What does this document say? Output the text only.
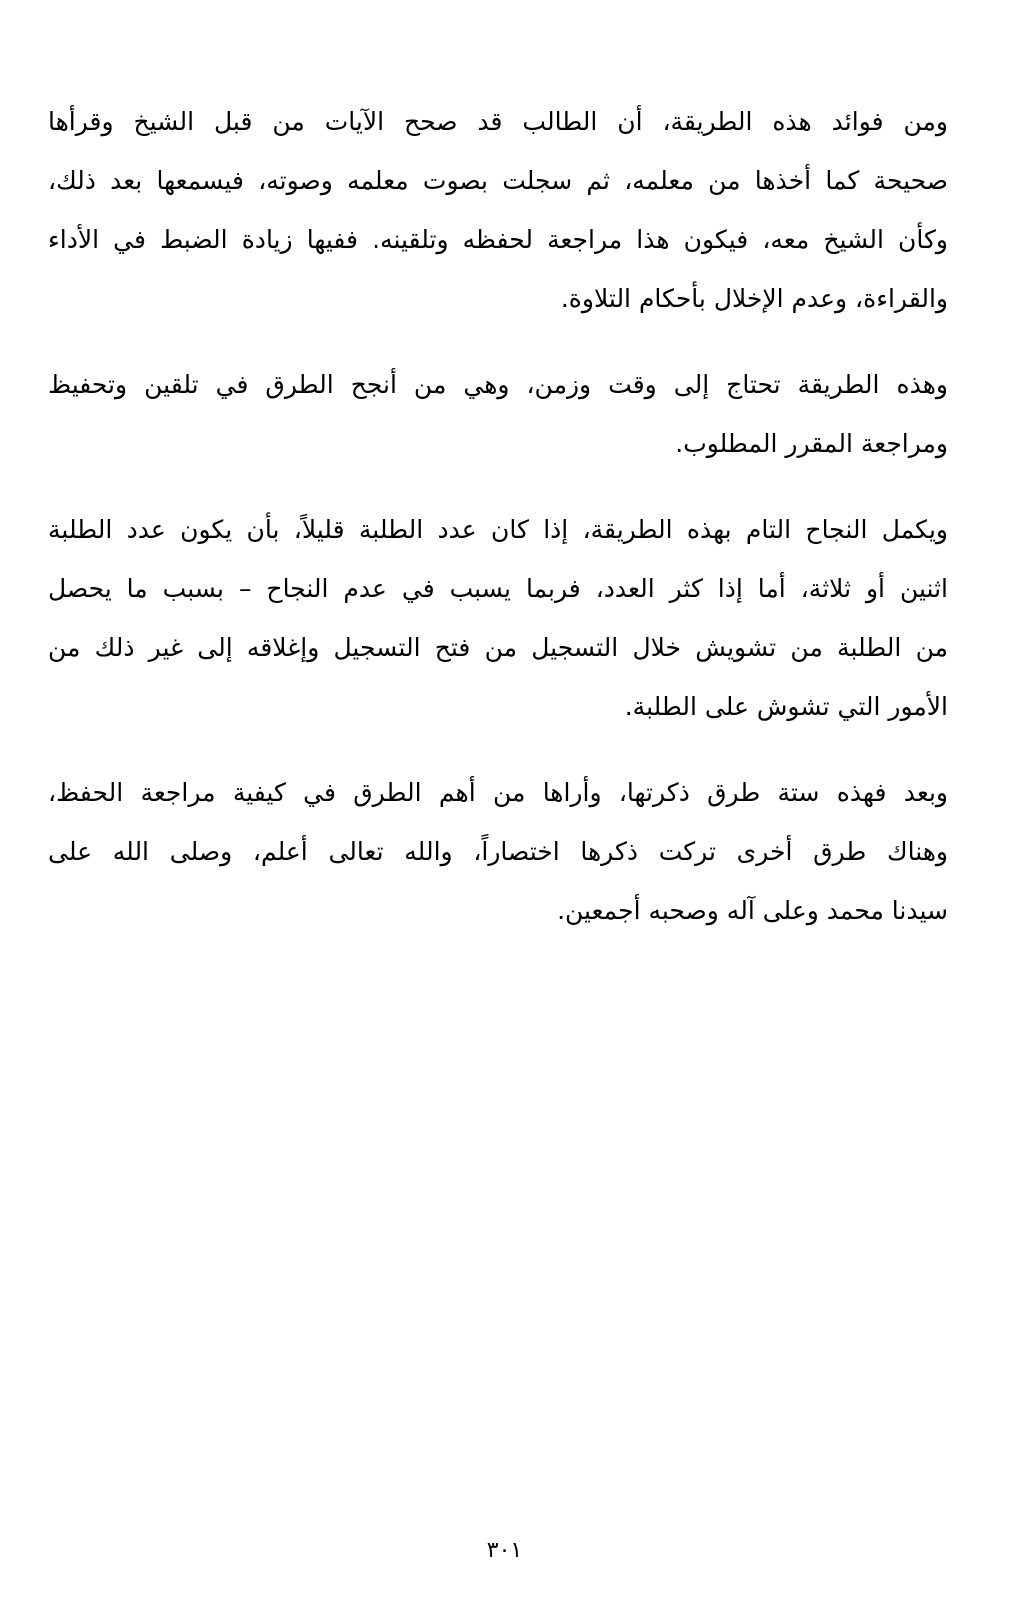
ومن فوائد هذه الطريقة، أن الطالب قد صحح الآيات من قبل الشيخ وقرأها
صحيحة كما أخذها من معلمه، ثم سجلت بصوت معلمه وصوته، فيسمعها بعد ذلك،
وكأن الشيخ معه، فيكون هذا مراجعة لحفظه وتلقينه. ففيها زيادة الضبط في الأداء
والقراءة، وعدم الإخلال بأحكام التلاوة.
وهذه الطريقة تحتاج إلى وقت وزمن، وهي من أنجح الطرق في تلقين وتحفيظ
ومراجعة المقرر المطلوب.
ويكمل النجاح التام بهذه الطريقة، إذا كان عدد الطلبة قليلاً، بأن يكون عدد الطلبة
اثنين أو ثلاثة، أما إذا كثر العدد، فربما يسبب في عدم النجاح – بسبب ما يحصل
من الطلبة من تشويش خلال التسجيل من فتح التسجيل وإغلاقه إلى غير ذلك من
الأمور التي تشوش على الطلبة.
وبعد فهذه ستة طرق ذكرتها، وأراها من أهم الطرق في كيفية مراجعة الحفظ،
وهناك طرق أخرى تركت ذكرها اختصاراً، والله تعالى أعلم، وصلى الله على
سيدنا محمد وعلى آله وصحبه أجمعين.
٣٠١
